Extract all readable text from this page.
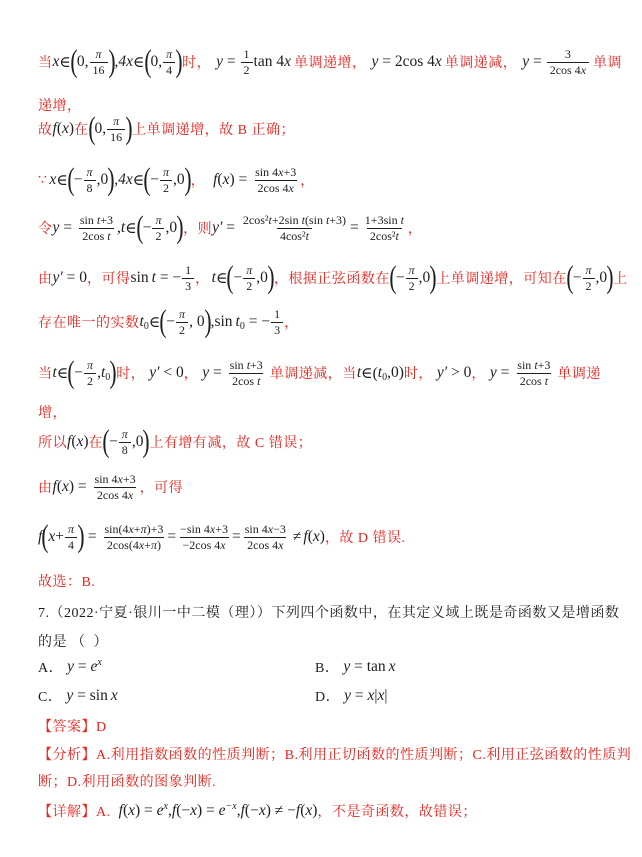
当 x ∈ ( 0, $\frac{\pi}{16}$ ) , 4x ∈ ( 0, $\frac{\pi}{4}$ ) 时， $y = \frac{1}{2}$ tan 4 x 单调递增， y = 2cos 4 x 单调递减， $y = \frac{3}{2\cos 4x}$ 单调
递增，
故 f ( x ) 在 ( 0, $\frac{\pi}{16}$ ) 上单调递增，故 B 正确；
∵ x ∈ ( − $\frac{\pi}{8} ,0$ ) , 4x ∈ ( − $\frac{\pi}{2} ,0$ ) ， f ( x ) = $\frac{\sin 4x+3}{2\cos 4x}$ ，
令 $y = \frac{\text{sin t+3}}{\text{2cos t}}$ , t ∈ ( − $\frac{\pi}{2} ,0$ ) ，则 $y' = \frac{\text{2cos²t+2sin t(sin t+3)}}{\text{4cos²t}} = \frac{\text{1+3sin t}}{\text{2cos²t}}$ ，
由 y′ = 0 ，可得 sin t = − $\frac{1}{3}$ ， t ∈ ( − $\frac{\pi}{2} ,0$ ) ，根据正弦函数在 ( − $\frac{\pi}{2} ,0$ ) 上单调递增，可知在 ( − $\frac{\pi}{2} ,0$ ) 上
存在唯一的实数 t 0 ∈ ( − $\frac{\pi}{2}$ , 0 ) ,sin t 0 = − $\frac{1}{3}$ ，
当 t ∈ ( − $\frac{\pi}{2}$ , t 0 ) 时， y′ < 0 ， $y = \frac{\text{sin t+3}}{\text{2cos t}}$ 单调递减，当 t ∈( t 0 ,0) 时， y′ > 0 ， $y = \frac{\text{sin t+3}}{\text{2cos t}}$ 单调递
增，
所以 f ( x ) 在 ( − $\frac{\pi}{8} ,0$ ) 上有增有减，故 C 错误；
由 f ( x ) = $\frac{\sin 4x+3}{2\cos 4x}$ ，可得
f ( $x + \frac{\pi}{4}$ ) = $\frac{\sin(4x+\pi)+3}{2\cos(4x+\pi)} = \frac{-\sin 4x+3}{-2\cos 4x} = \frac{\sin 4x-3}{2\cos 4x} \ne f$ ( x ) ，故 D 错误.
故选：B.
7.（2022·宁夏·银川一中二模（理））下列四个函数中，在其定义域上既是奇函数又是增函数
的是 （  ）
A． y = e x	B． y = tan x
C． y = sin x	D． y = x | x |
【答案】D
【分析】A.利用指数函数的性质判断；B.利用正切函数的性质判断；C.利用正弦函数的性质判
断；D.利用函数的图象判断.
【详解】A. f ( x ) = e x , f (− x ) = e −x , f (− x ) ≠ − f ( x ) ，不是奇函数，故错误；
